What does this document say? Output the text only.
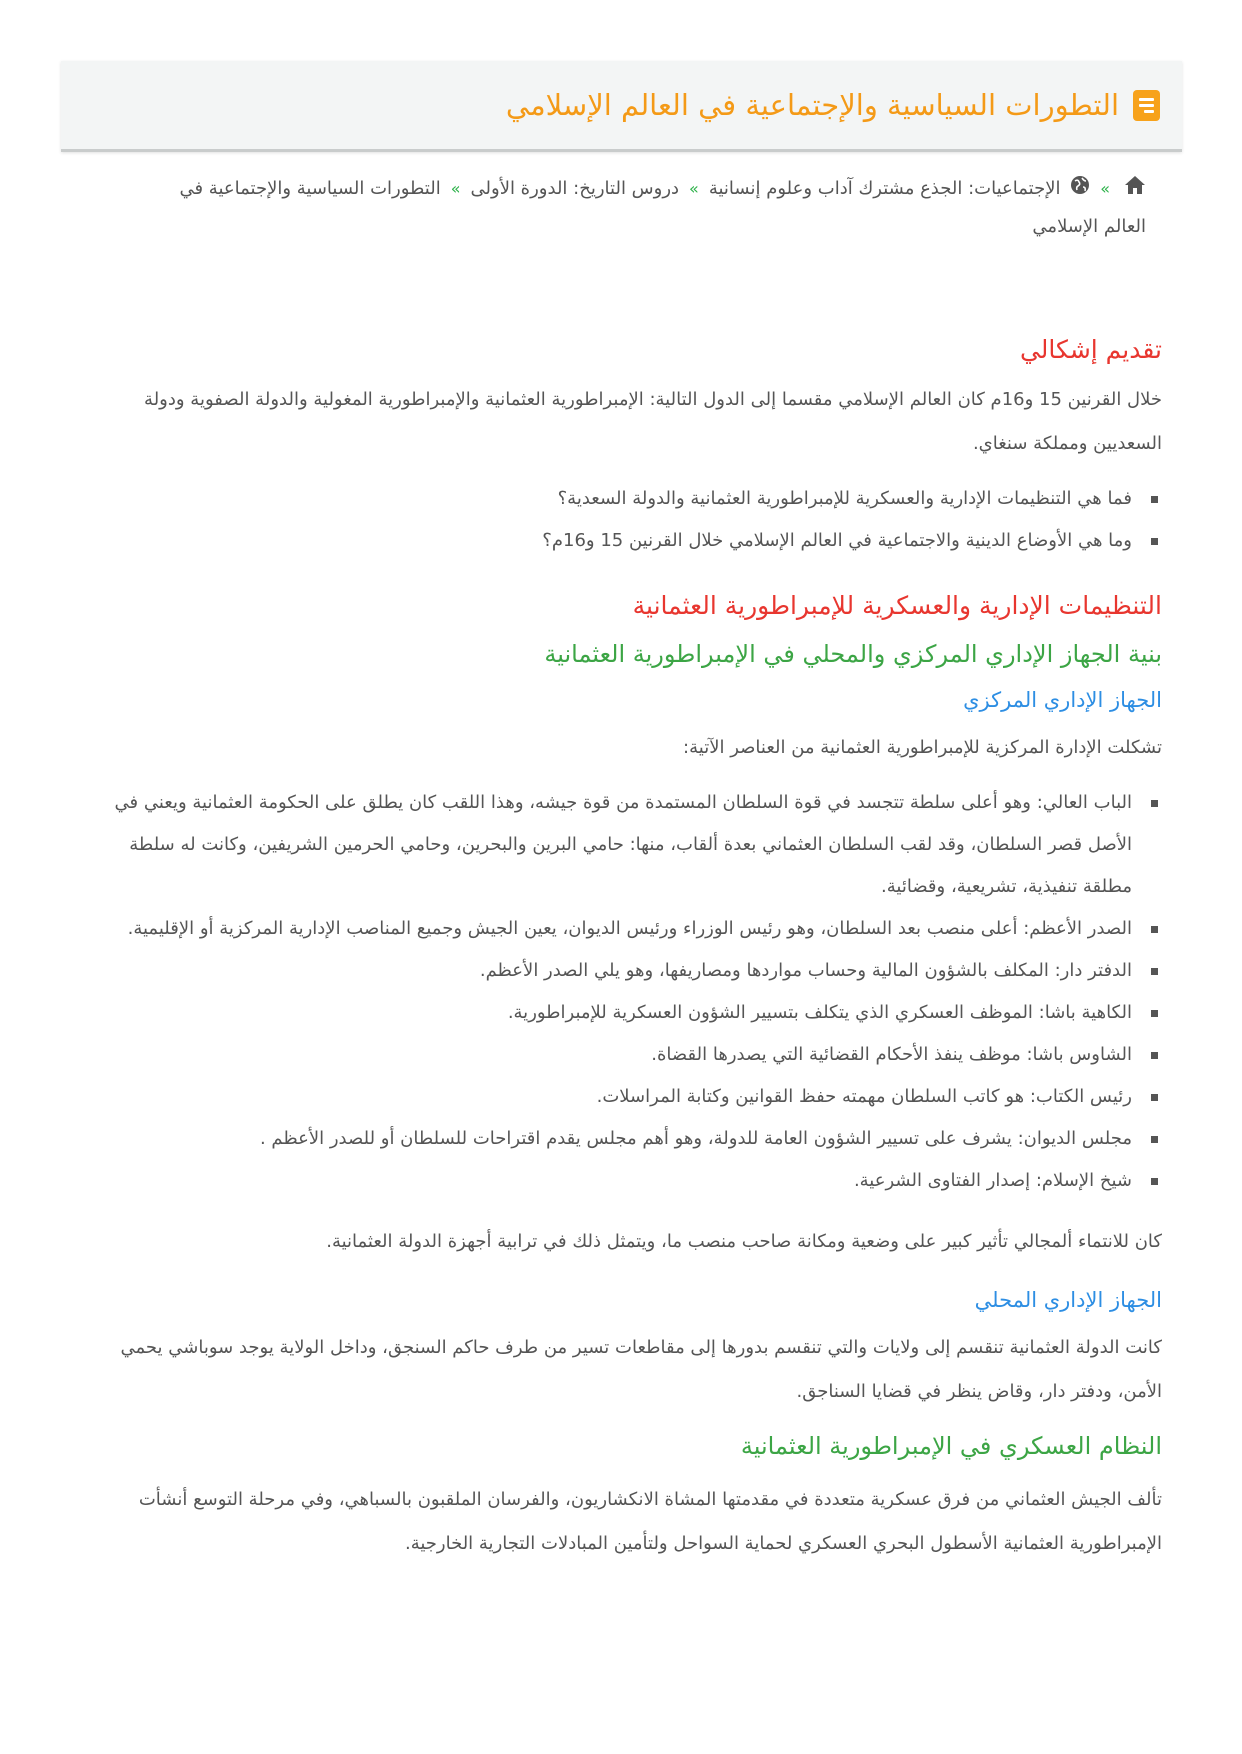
التطورات السياسية والإجتماعية في العالم الإسلامي
» الإجتماعيات: الجذع مشترك آداب وعلوم إنسانية»دروس التاريخ: الدورة الأولى»التطورات السياسية والإجتماعية في العالم الإسلامي
تقديم إشكالي

خلال القرنين 15 و16م كان العالم الإسلامي مقسما إلى الدول التالية: الإمبراطورية العثمانية والإمبراطورية المغولية والدولة الصفوية ودولة السعديين ومملكة سنغاي.

فما هي التنظيمات الإدارية والعسكرية للإمبراطورية العثمانية والدولة السعدية؟
وما هي الأوضاع الدينية والاجتماعية في العالم الإسلامي خلال القرنين 15 و16م؟
التنظيمات الإدارية والعسكرية للإمبراطورية العثمانية
بنية الجهاز الإداري المركزي والمحلي في الإمبراطورية العثمانية
الجهاز الإداري المركزي

تشكلت الإدارة المركزية للإمبراطورية العثمانية من العناصر الآتية:

الباب العالي: وهو أعلى سلطة تتجسد في قوة السلطان المستمدة من قوة جيشه، وهذا اللقب كان يطلق على الحكومة العثمانية ويعني في الأصل قصر السلطان، وقد لقب السلطان العثماني بعدة ألقاب، منها: حامي البرين والبحرين، وحامي الحرمين الشريفين، وكانت له سلطة مطلقة تنفيذية، تشريعية، وقضائية.
الصدر الأعظم: أعلى منصب بعد السلطان، وهو رئيس الوزراء ورئيس الديوان، يعين الجيش وجميع المناصب الإدارية المركزية أو الإقليمية.
الدفتر دار: المكلف بالشؤون المالية وحساب مواردها ومصاريفها، وهو يلي الصدر الأعظم.
الكاهية باشا: الموظف العسكري الذي يتكلف بتسيير الشؤون العسكرية للإمبراطورية.
الشاوس باشا: موظف ينفذ الأحكام القضائية التي يصدرها القضاة.
رئيس الكتاب: هو كاتب السلطان مهمته حفظ القوانين وكتابة المراسلات.
مجلس الديوان: يشرف على تسيير الشؤون العامة للدولة، وهو أهم مجلس يقدم اقتراحات للسلطان أو للصدر الأعظم .
شيخ الإسلام: إصدار الفتاوى الشرعية.

كان للانتماء ألمجالي تأثير كبير على وضعية ومكانة صاحب منصب ما، ويتمثل ذلك في ترابية أجهزة الدولة العثمانية.

الجهاز الإداري المحلي

كانت الدولة العثمانية تنقسم إلى ولايات والتي تنقسم بدورها إلى مقاطعات تسير من طرف حاكم السنجق، وداخل الولاية يوجد سوباشي يحمي الأمن، ودفتر دار، وقاض ينظر في قضايا السناجق.

النظام العسكري في الإمبراطورية العثمانية

تألف الجيش العثماني من فرق عسكرية متعددة في مقدمتها المشاة الانكشاريون، والفرسان الملقبون بالسباهي، وفي مرحلة التوسع أنشأت الإمبراطورية العثمانية الأسطول البحري العسكري لحماية السواحل ولتأمين المبادلات التجارية الخارجية.
